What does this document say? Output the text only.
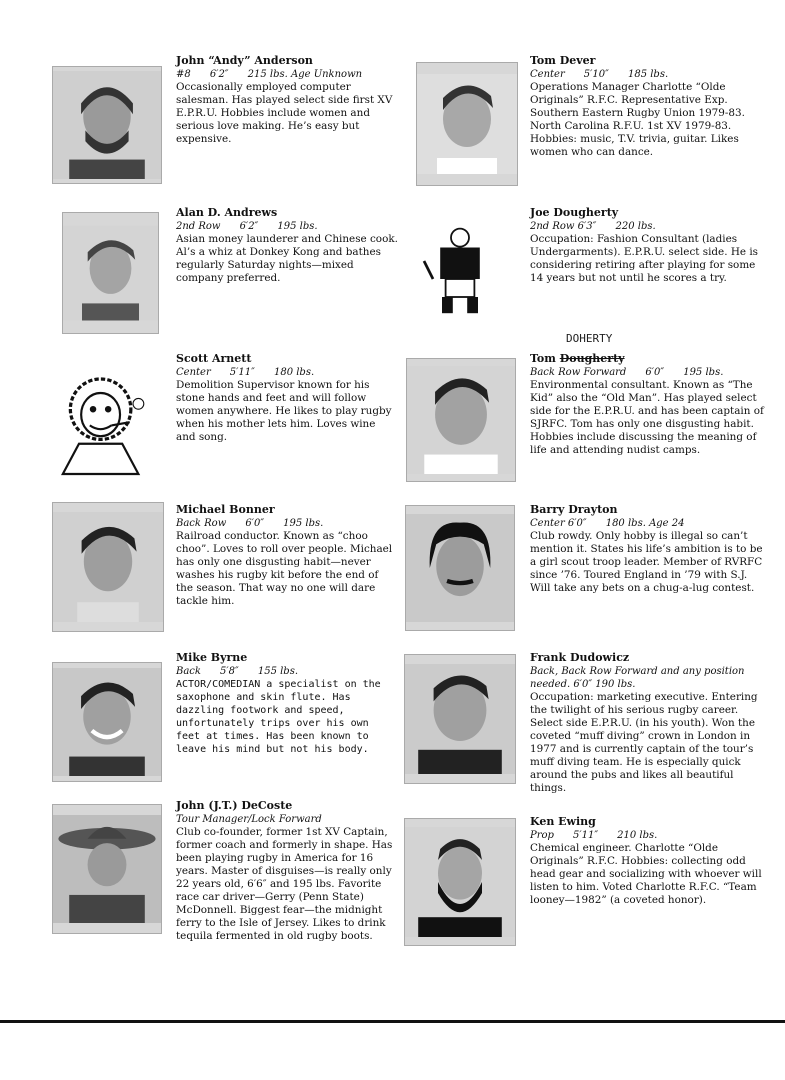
John “Andy” Anderson

#8      6′2″      215 lbs. Age Unknown

Occasionally employed computer salesman. Has played select side first XV E.P.R.U. Hobbies include women and serious love making. He’s easy but expensive.

Alan D. Andrews

2nd Row      6′2″      195 lbs.

Asian money launderer and Chinese cook. Al’s a whiz at Donkey Kong and bathes regularly Saturday nights—mixed company preferred.

Scott Arnett

Center      5′11″      180 lbs.

Demolition Supervisor known for his stone hands and feet and will follow women anywhere. He likes to play rugby when his mother lets him. Loves wine and song.

Michael Bonner

Back Row      6′0″      195 lbs.

Railroad conductor. Known as “choo choo”. Loves to roll over people. Michael has only one disgusting habit—never washes his rugby kit before the end of the season. That way no one will dare tackle him.

Mike Byrne

Back      5′8″      155 lbs.

ACTOR/COMEDIAN a specialist on the saxophone and skin flute. Has dazzling footwork and speed, unfortunately trips over his own feet at times. Has been known to leave his mind but not his body.

John (J.T.) DeCoste

Tour Manager/Lock Forward

Club co-founder, former 1st XV Captain, former coach and formerly in shape. Has been playing rugby in America for 16 years. Master of disguises—is really only 22 years old, 6′6″ and 195 lbs. Favorite race car driver—Gerry (Penn State) McDonnell. Biggest fear—the midnight ferry to the Isle of Jersey. Likes to drink tequila fermented in old rugby boots.

Tom Dever

Center      5′10″      185 lbs.

Operations Manager Charlotte “Olde Originals” R.F.C. Representative Exp. Southern Eastern Rugby Union 1979-83. North Carolina R.F.U. 1st XV 1979-83. Hobbies: music, T.V. trivia, guitar. Likes women who can dance.

Joe Dougherty

2nd Row 6′3″      220 lbs.

Occupation: Fashion Consultant (ladies Undergarments). E.P.R.U. select side. He is considering retiring after playing for some 14 years but not until he scores a try.

DOHERTY

Tom Dougherty

Back Row Forward      6′0″      195 lbs.

Environmental consultant. Known as “The Kid” also the “Old Man”. Has played select side for the E.P.R.U. and has been captain of SJRFC. Tom has only one disgusting habit. Hobbies include discussing the meaning of life and attending nudist camps.

Barry Drayton

Center 6′0″      180 lbs. Age 24

Club rowdy. Only hobby is illegal so can’t mention it. States his life’s ambition is to be a girl scout troop leader. Member of RVRFC since ’76. Toured England in ’79 with S.J. Will take any bets on a chug-a-lug contest.

Frank Dudowicz

Back, Back Row Forward and any position needed. 6′0″ 190 lbs.

Occupation: marketing executive. Entering the twilight of his serious rugby career. Select side E.P.R.U. (in his youth). Won the coveted “muff diving” crown in London in 1977 and is currently captain of the tour’s muff diving team. He is especially quick around the pubs and likes all beautiful things.

Ken Ewing

Prop      5′11″      210 lbs.

Chemical engineer. Charlotte “Olde Originals” R.F.C. Hobbies: collecting odd head gear and socializing with whoever will listen to him. Voted Charlotte R.F.C. “Team looney—1982” (a coveted honor).
